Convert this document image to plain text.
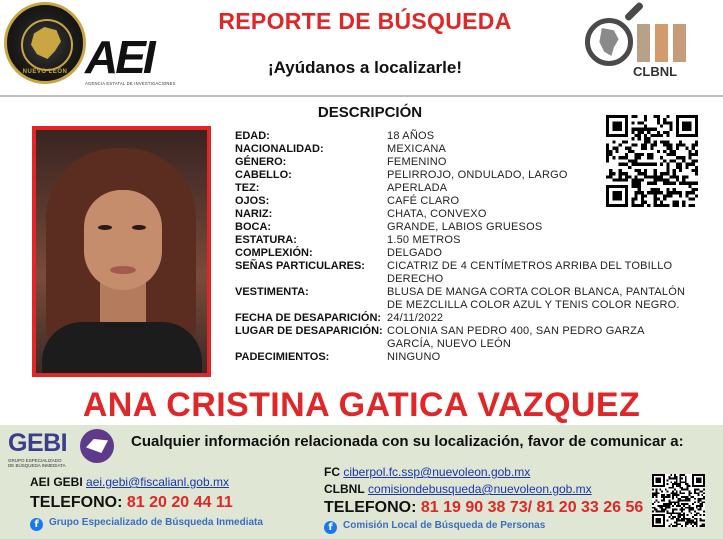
NUEVO LEÓN AEI
AGENCIA ESTATAL DE INVESTIGACIONES
REPORTE DE BÚSQUEDA
¡Ayúdanos a localizarle!	CLBNL
DESCRIPCIÓN
EDAD:	18 AÑOS
NACIONALIDAD:	MEXICANA
GÉNERO:	FEMENINO
CABELLO:	PELIRROJO, ONDULADO, LARGO
TEZ:	APERLADA
OJOS:	CAFÉ CLARO
NARIZ:	CHATA, CONVEXO
BOCA:	GRANDE, LABIOS GRUESOS
ESTATURA:	1.50 METROS
COMPLEXIÓN:	DELGADO
SEÑAS PARTICULARES:	CICATRIZ DE 4 CENTÍMETROS ARRIBA DEL TOBILLO DERECHO
VESTIMENTA:	BLUSA DE MANGA CORTA COLOR BLANCA, PANTALÓN DE MEZCLILLA COLOR AZUL Y TENIS COLOR NEGRO.
FECHA DE DESAPARICIÓN: 24/11/2022
LUGAR DE DESAPARICIÓN: COLONIA SAN PEDRO 400, SAN PEDRO GARZA GARCÍA, NUEVO LEÓN
PADECIMIENTOS:	NINGUNO
ANA CRISTINA GATICA VAZQUEZ
GEBI
GRUPO ESPECIALIZADO
DE BÚSQUEDA INMEDIATA
Cualquier información relacionada con su localización, favor de comunicar a:
AEI GEBI aei.gebi@fiscalianl.gob.mx
TELEFONO: 81 20 20 44 11
f Grupo Especializado de Búsqueda Inmediata
FC ciberpol.fc.ssp@nuevoleon.gob.mx
CLBNL comisiondebusqueda@nuevoleon.gob.mx
TELEFONO: 81 19 90 38 73/ 81 20 33 26 56
f Comisión Local de Búsqueda de Personas
